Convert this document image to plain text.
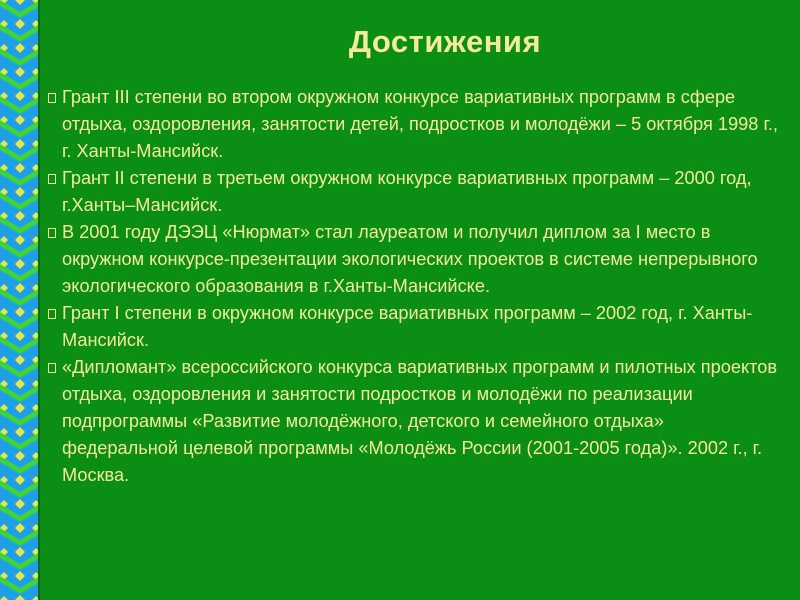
Достижения
Грант III степени во втором окружном конкурсе вариативных программ в сфере отдыха, оздоровления, занятости детей, подростков и молодёжи – 5 октября 1998 г., г. Ханты-Мансийск.
Грант II степени в третьем окружном конкурсе вариативных программ – 2000 год, г.Ханты–Мансийск.
В 2001 году ДЭЭЦ «Нюрмат» стал лауреатом и получил диплом за I место в окружном конкурсе-презентации экологических проектов в системе непрерывного экологического образования в г.Ханты-Мансийске.
Грант I степени в окружном конкурсе вариативных программ – 2002 год, г. Ханты-Мансийск.
«Дипломант» всероссийского конкурса вариативных программ и пилотных проектов отдыха, оздоровления и занятости подростков и молодёжи по реализации подпрограммы «Развитие молодёжного, детского и семейного отдыха» федеральной целевой программы «Молодёжь России (2001-2005 года)». 2002 г., г. Москва.
